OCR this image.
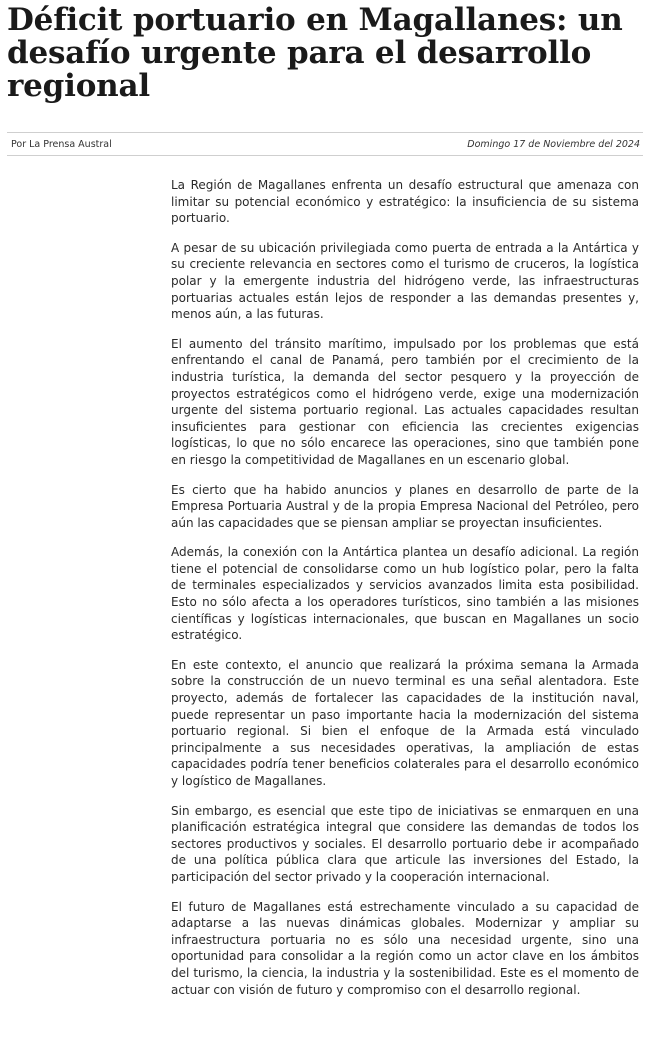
Déficit portuario en Magallanes: un desafío urgente para el desarrollo regional
Por La Prensa Austral	Domingo 17 de Noviembre del 2024

La Región de Magallanes enfrenta un desafío estructural que amenaza con limitar su potencial económico y estratégico: la insuficiencia de su sistema portuario.

A pesar de su ubicación privilegiada como puerta de entrada a la Antártica y su creciente relevancia en sectores como el turismo de cruceros, la logística polar y la emergente industria del hidrógeno verde, las infraestructuras portuarias actuales están lejos de responder a las demandas presentes y, menos aún, a las futuras.

El aumento del tránsito marítimo, impulsado por los problemas que está enfrentando el canal de Panamá, pero también por el crecimiento de la industria turística, la demanda del sector pesquero y la proyección de proyectos estratégicos como el hidrógeno verde, exige una modernización urgente del sistema portuario regional. Las actuales capacidades resultan insuficientes para gestionar con eficiencia las crecientes exigencias logísticas, lo que no sólo encarece las operaciones, sino que también pone en riesgo la competitividad de Magallanes en un escenario global.

Es cierto que ha habido anuncios y planes en desarrollo de parte de la Empresa Portuaria Austral y de la propia Empresa Nacional del Petróleo, pero aún las capacidades que se piensan ampliar se proyectan insuficientes.

Además, la conexión con la Antártica plantea un desafío adicional. La región tiene el potencial de consolidarse como un hub logístico polar, pero la falta de terminales especializados y servicios avanzados limita esta posibilidad. Esto no sólo afecta a los operadores turísticos, sino también a las misiones científicas y logísticas internacionales, que buscan en Magallanes un socio estratégico.

En este contexto, el anuncio que realizará la próxima semana la Armada sobre la construcción de un nuevo terminal es una señal alentadora. Este proyecto, además de fortalecer las capacidades de la institución naval, puede representar un paso importante hacia la modernización del sistema portuario regional. Si bien el enfoque de la Armada está vinculado principalmente a sus necesidades operativas, la ampliación de estas capacidades podría tener beneficios colaterales para el desarrollo económico y logístico de Magallanes.

Sin embargo, es esencial que este tipo de iniciativas se enmarquen en una planificación estratégica integral que considere las demandas de todos los sectores productivos y sociales. El desarrollo portuario debe ir acompañado de una política pública clara que articule las inversiones del Estado, la participación del sector privado y la cooperación internacional.

El futuro de Magallanes está estrechamente vinculado a su capacidad de adaptarse a las nuevas dinámicas globales. Modernizar y ampliar su infraestructura portuaria no es sólo una necesidad urgente, sino una oportunidad para consolidar a la región como un actor clave en los ámbitos del turismo, la ciencia, la industria y la sostenibilidad. Este es el momento de actuar con visión de futuro y compromiso con el desarrollo regional.
